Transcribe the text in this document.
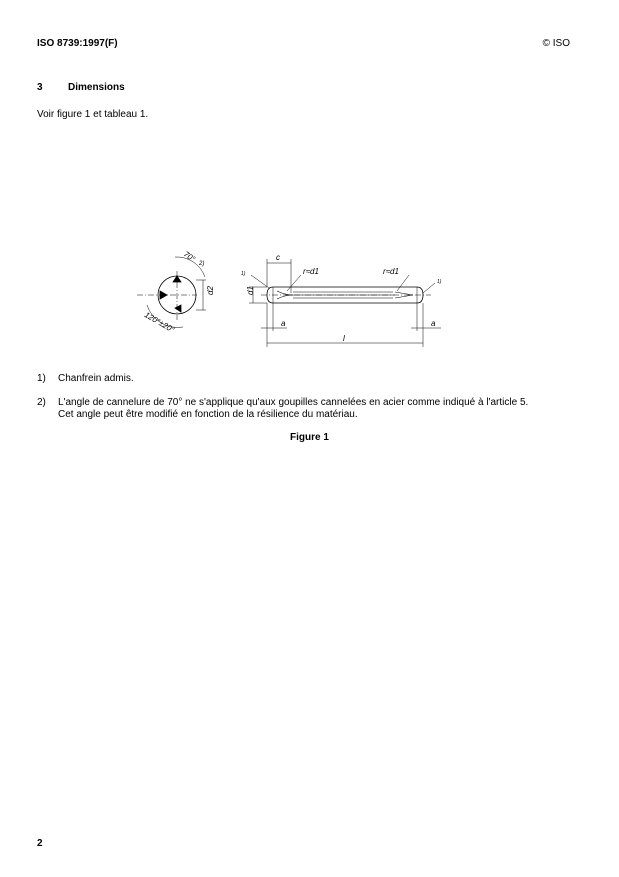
ISO 8739:1997(F)	© ISO
3	Dimensions
Voir figure 1 et tableau 1.
70°
2)
d2
120°±20°
1)
1)
c
r≈d1	r≈d1
d1
a	a
l
1) Chanfrein admis.
2) L'angle de cannelure de 70° ne s'applique qu'aux goupilles cannelées en acier comme indiqué à l'article 5. Cet angle peut être modifié en fonction de la résilience du matériau.
Figure 1
2
